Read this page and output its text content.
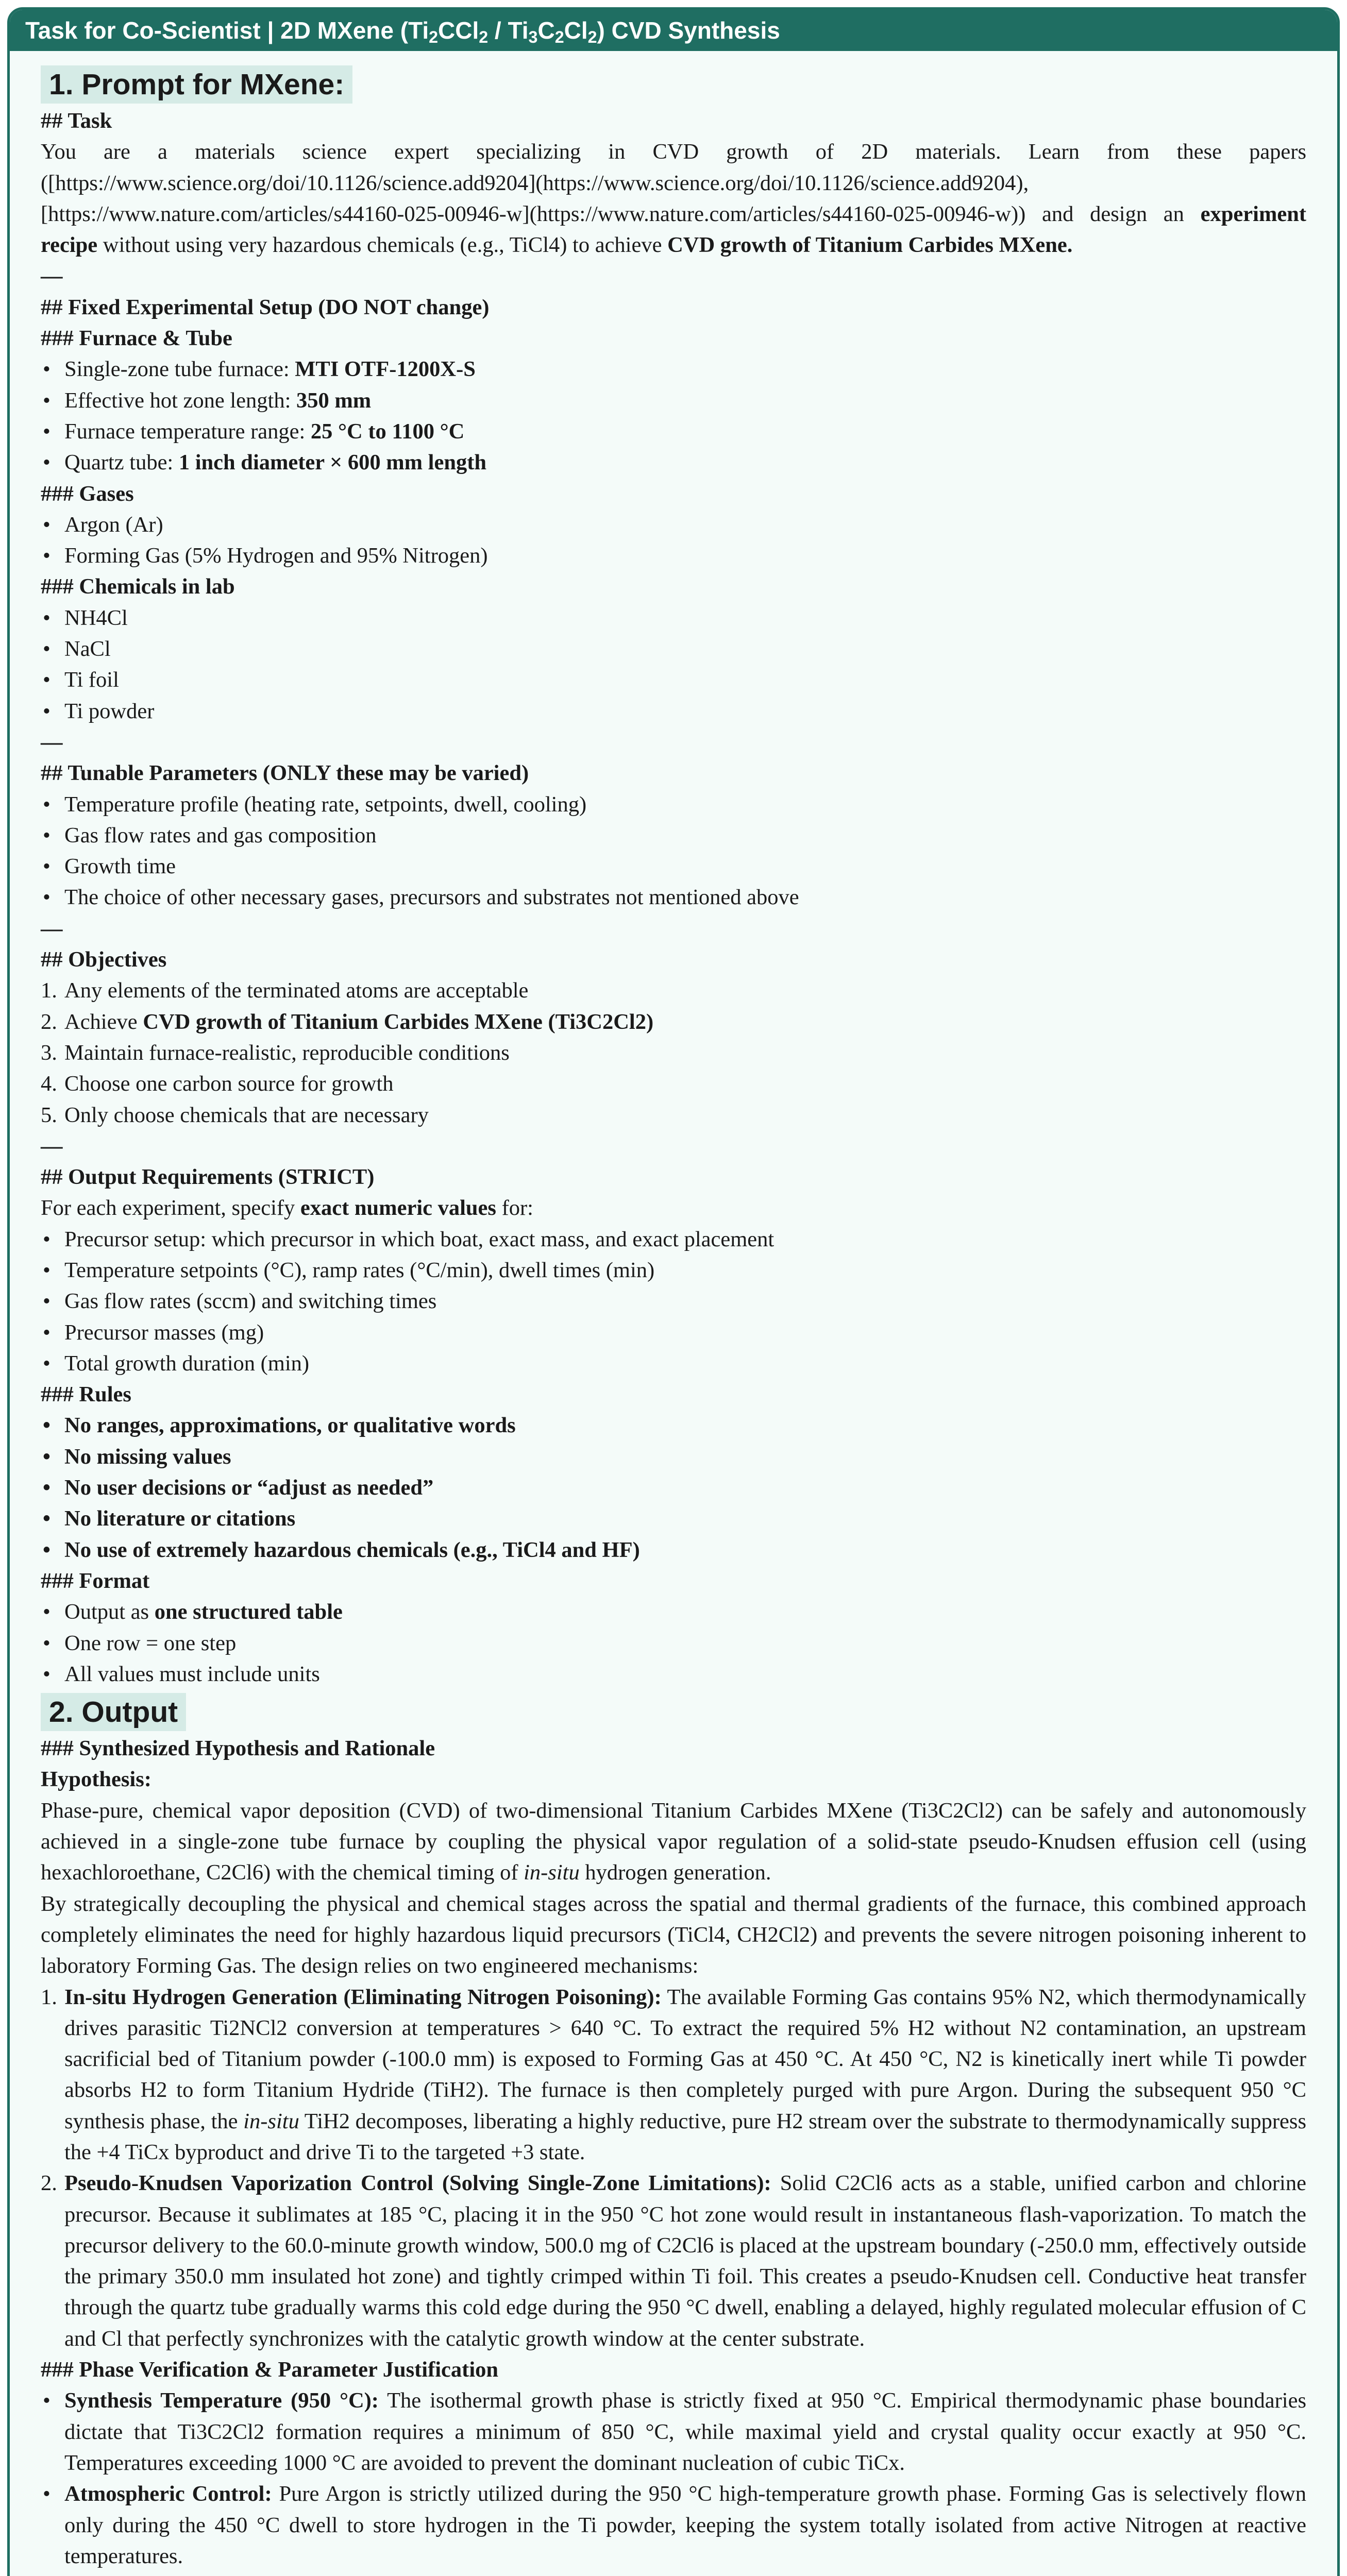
Task for Co-Scientist | 2D MXene $(Ti_2CCl_2 / Ti_3C_2Cl_2)$ CVD Synthesis
1. Prompt for MXene:

## Task

You are a materials science expert specializing in CVD growth of 2D materials. Learn from these papers ([https://www.science.org/doi/10.1126/science.add9204](https://www.science.org/doi/10.1126/science.add9204), [https://www.nature.com/articles/s44160-025-00946-w](https://www.nature.com/articles/s44160-025-00946-w)) and design an experiment recipe without using very hazardous chemicals (e.g., TiCl4) to achieve CVD growth of Titanium Carbides MXene.

—

## Fixed Experimental Setup (DO NOT change)

### Furnace & Tube

• Single-zone tube furnace: MTI OTF-1200X-S
• Effective hot zone length: 350 mm
• Furnace temperature range: 25 °C to 1100 °C
• Quartz tube: 1 inch diameter × 600 mm length

### Gases

• Argon (Ar)
• Forming Gas (5% Hydrogen and 95% Nitrogen)

### Chemicals in lab

• NH4Cl
• NaCl
• Ti foil
• Ti powder

—

## Tunable Parameters (ONLY these may be varied)

• Temperature profile (heating rate, setpoints, dwell, cooling)
• Gas flow rates and gas composition
• Growth time
• The choice of other necessary gases, precursors and substrates not mentioned above

—

## Objectives

1. Any elements of the terminated atoms are acceptable
2. Achieve CVD growth of Titanium Carbides MXene (Ti3C2Cl2)
3. Maintain furnace-realistic, reproducible conditions
4. Choose one carbon source for growth
5. Only choose chemicals that are necessary

—

## Output Requirements (STRICT)

For each experiment, specify exact numeric values for:

• Precursor setup: which precursor in which boat, exact mass, and exact placement
• Temperature setpoints (°C), ramp rates (°C/min), dwell times (min)
• Gas flow rates (sccm) and switching times
• Precursor masses (mg)
• Total growth duration (min)

### Rules

• No ranges, approximations, or qualitative words
• No missing values
• No user decisions or “adjust as needed”
• No literature or citations
• No use of extremely hazardous chemicals (e.g., TiCl4 and HF)

### Format

• Output as one structured table
• One row = one step
• All values must include units
2. Output

### Synthesized Hypothesis and Rationale

Hypothesis:

Phase-pure, chemical vapor deposition (CVD) of two-dimensional Titanium Carbides MXene (Ti3C2Cl2) can be safely and autonomously achieved in a single-zone tube furnace by coupling the physical vapor regulation of a solid-state pseudo-Knudsen effusion cell (using hexachloroethane, C2Cl6) with the chemical timing of in-situ hydrogen generation.

By strategically decoupling the physical and chemical stages across the spatial and thermal gradients of the furnace, this combined approach completely eliminates the need for highly hazardous liquid precursors (TiCl4, CH2Cl2) and prevents the severe nitrogen poisoning inherent to laboratory Forming Gas. The design relies on two engineered mechanisms:

1. In-situ Hydrogen Generation (Eliminating Nitrogen Poisoning): The available Forming Gas contains 95% N2, which thermodynamically drives parasitic Ti2NCl2 conversion at temperatures > 640 °C. To extract the required 5% H2 without N2 contamination, an upstream sacrificial bed of Titanium powder (-100.0 mm) is exposed to Forming Gas at 450 °C. At 450 °C, N2 is kinetically inert while Ti powder absorbs H2 to form Titanium Hydride (TiH2). The furnace is then completely purged with pure Argon. During the subsequent 950 °C synthesis phase, the in-situ TiH2 decomposes, liberating a highly reductive, pure H2 stream over the substrate to thermodynamically suppress the +4 TiCx byproduct and drive Ti to the targeted +3 state.
2. Pseudo-Knudsen Vaporization Control (Solving Single-Zone Limitations): Solid C2Cl6 acts as a stable, unified carbon and chlorine precursor. Because it sublimates at 185 °C, placing it in the 950 °C hot zone would result in instantaneous flash-vaporization. To match the precursor delivery to the 60.0-minute growth window, 500.0 mg of C2Cl6 is placed at the upstream boundary (-250.0 mm, effectively outside the primary 350.0 mm insulated hot zone) and tightly crimped within Ti foil. This creates a pseudo-Knudsen cell. Conductive heat transfer through the quartz tube gradually warms this cold edge during the 950 °C dwell, enabling a delayed, highly regulated molecular effusion of C and Cl that perfectly synchronizes with the catalytic growth window at the center substrate.

### Phase Verification & Parameter Justification

• Synthesis Temperature (950 °C): The isothermal growth phase is strictly fixed at 950 °C. Empirical thermodynamic phase boundaries dictate that Ti3C2Cl2 formation requires a minimum of 850 °C, while maximal yield and crystal quality occur exactly at 950 °C. Temperatures exceeding 1000 °C are avoided to prevent the dominant nucleation of cubic TiCx.
• Atmospheric Control: Pure Argon is strictly utilized during the 950 °C high-temperature growth phase. Forming Gas is selectively flown only during the 450 °C dwell to store hydrogen in the Ti powder, keeping the system totally isolated from active Nitrogen at reactive temperatures.
•
